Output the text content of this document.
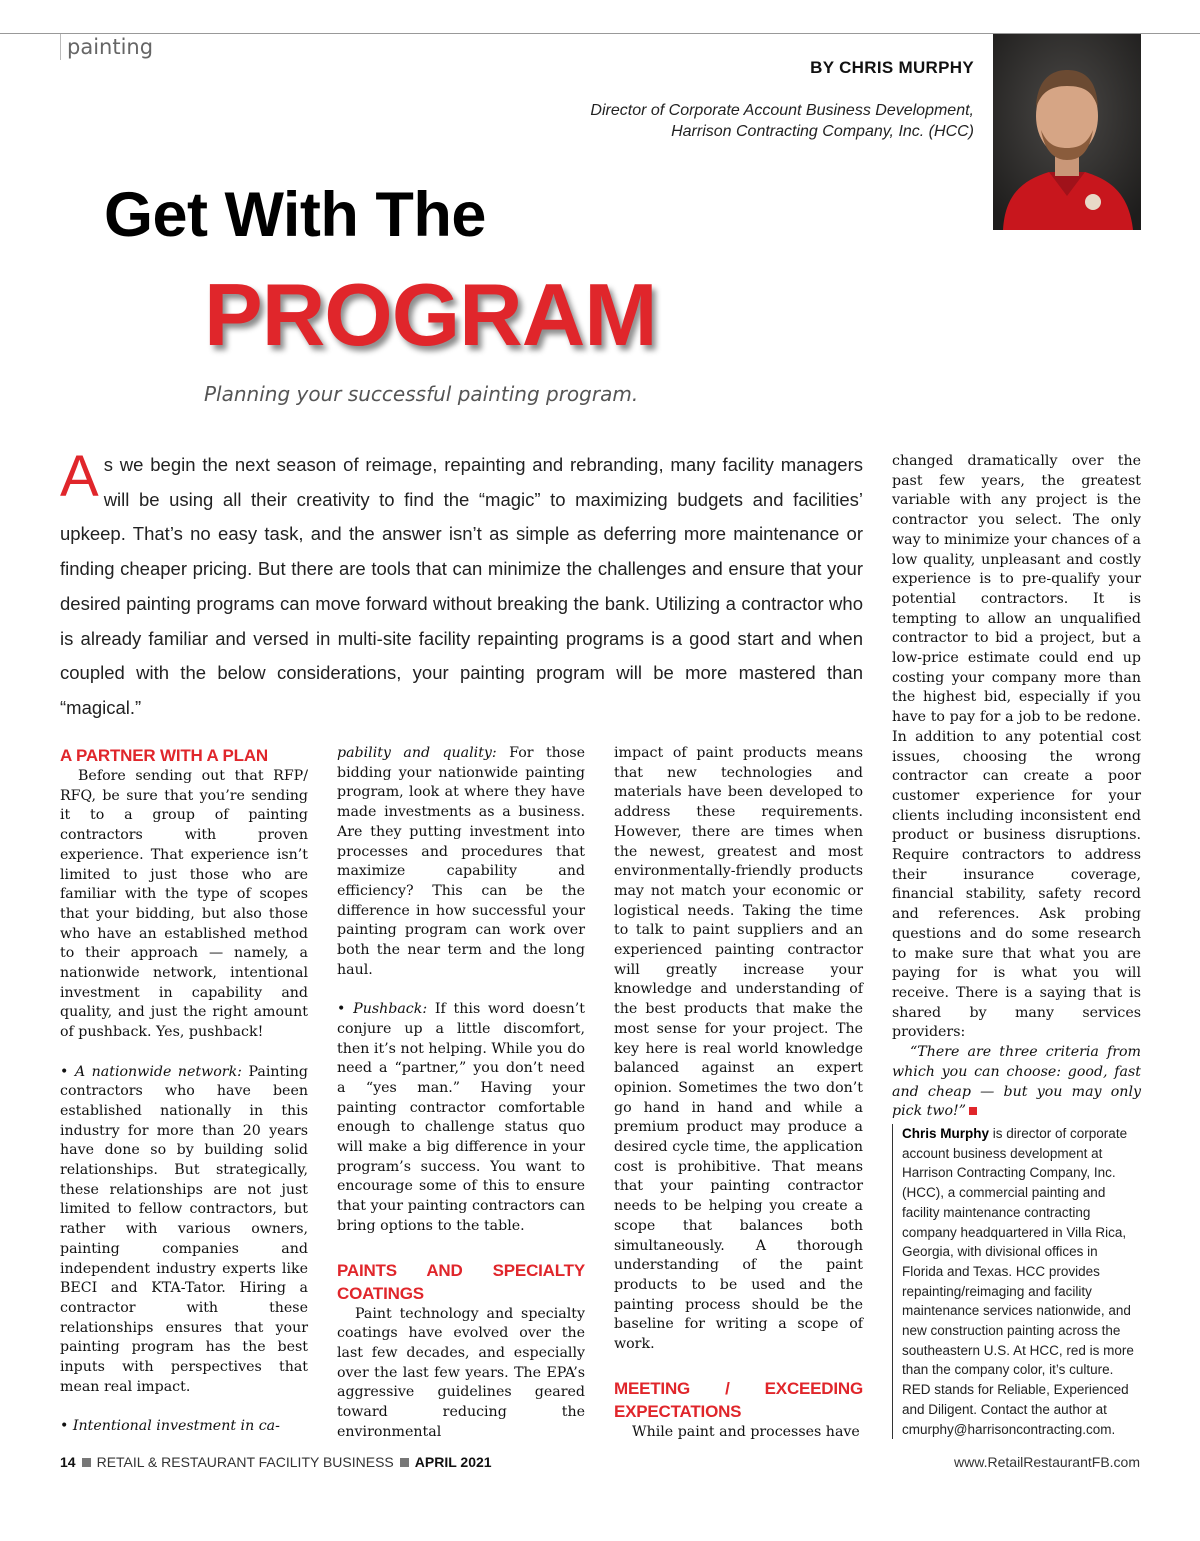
painting
BY CHRIS MURPHY
Director of Corporate Account Business Development,
Harrison Contracting Company, Inc. (HCC)
Get With The
PROGRAM
Planning your successful painting program.

As we begin the next season of reimage, repainting and rebranding, many facility managers will be using all their creativity to find the “magic” to maximizing budgets and facilities’ upkeep. That’s no easy task, and the answer isn’t as simple as deferring more maintenance or finding cheaper pricing. But there are tools that can minimize the challenges and ensure that your desired painting programs can move forward without breaking the bank. Utilizing a contractor who is already familiar and versed in multi-site facility repainting programs is a good start and when coupled with the below considerations, your painting program will be more mastered than “magical.”

A PARTNER WITH A PLAN

Before sending out that RFP/ RFQ, be sure that you’re sending it to a group of painting contractors with proven experience. That experience isn’t limited to just those who are familiar with the type of scopes that your bidding, but also those who have an established method to their approach — namely, a nationwide network, intentional investment in capability and quality, and just the right amount of pushback. Yes, pushback!

• A nationwide network: Painting contractors who have been established nationally in this industry for more than 20 years have done so by building solid relationships. But strategically, these relationships are not just limited to fellow contractors, but rather with various owners, painting companies and independent industry experts like BECI and KTA-Tator. Hiring a contractor with these relationships ensures that your painting program has the best inputs with perspectives that mean real impact.

• Intentional investment in ca-

pability and quality: For those bidding your nationwide painting program, look at where they have made investments as a business. Are they putting investment into processes and procedures that maximize capability and efficiency? This can be the difference in how successful your painting program can work over both the near term and the long haul.

• Pushback: If this word doesn’t conjure up a little discomfort, then it’s not helping. While you do need a “partner,” you don’t need a “yes man.” Having your painting contractor comfortable enough to challenge status quo will make a big difference in your program’s success. You want to encourage some of this to ensure that your painting contractors can bring options to the table.

PAINTS AND SPECIALTY COATINGS

Paint technology and specialty coatings have evolved over the last few decades, and especially over the last few years. The EPA’s aggressive guidelines geared toward reducing the environmental

impact of paint products means that new technologies and materials have been developed to address these requirements. However, there are times when the newest, greatest and most environmentally-friendly products may not match your economic or logistical needs. Taking the time to talk to paint suppliers and an experienced painting contractor will greatly increase your knowledge and understanding of the best products that make the most sense for your project. The key here is real world knowledge balanced against an expert opinion. Sometimes the two don’t go hand in hand and while a premium product may produce a desired cycle time, the application cost is prohibitive. That means that your painting contractor needs to be helping you create a scope that balances both simultaneously. A thorough understanding of the paint products to be used and the painting process should be the baseline for writing a scope of work.

MEETING / EXCEEDING EXPECTATIONS

While paint and processes have

changed dramatically over the past few years, the greatest variable with any project is the contractor you select. The only way to minimize your chances of a low quality, unpleasant and costly experience is to pre-qualify your potential contractors. It is tempting to allow an unqualified contractor to bid a project, but a low-price estimate could end up costing your company more than the highest bid, especially if you have to pay for a job to be redone. In addition to any potential cost issues, choosing the wrong contractor can create a poor customer experience for your clients including inconsistent end product or business disruptions. Require contractors to address their insurance coverage, financial stability, safety record and references. Ask probing questions and do some research to make sure that what you are paying for is what you will receive. There is a saying that is shared by many services providers:

“There are three criteria from which you can choose: good, fast and cheap — but you may only pick two!”

Chris Murphy is director of corporate account business development at Harrison Contracting Company, Inc. (HCC), a commercial painting and facility maintenance contracting company headquartered in Villa Rica, Georgia, with divisional offices in Florida and Texas. HCC provides repainting/reimaging and facility maintenance services nationwide, and new construction painting across the southeastern U.S. At HCC, red is more than the company color, it’s culture. RED stands for Reliable, Experienced and Diligent. Contact the author at cmurphy@harrisoncontracting.com.
14 RETAIL & RESTAURANT FACILITY BUSINESS APRIL 2021	www.RetailRestaurantFB.com
